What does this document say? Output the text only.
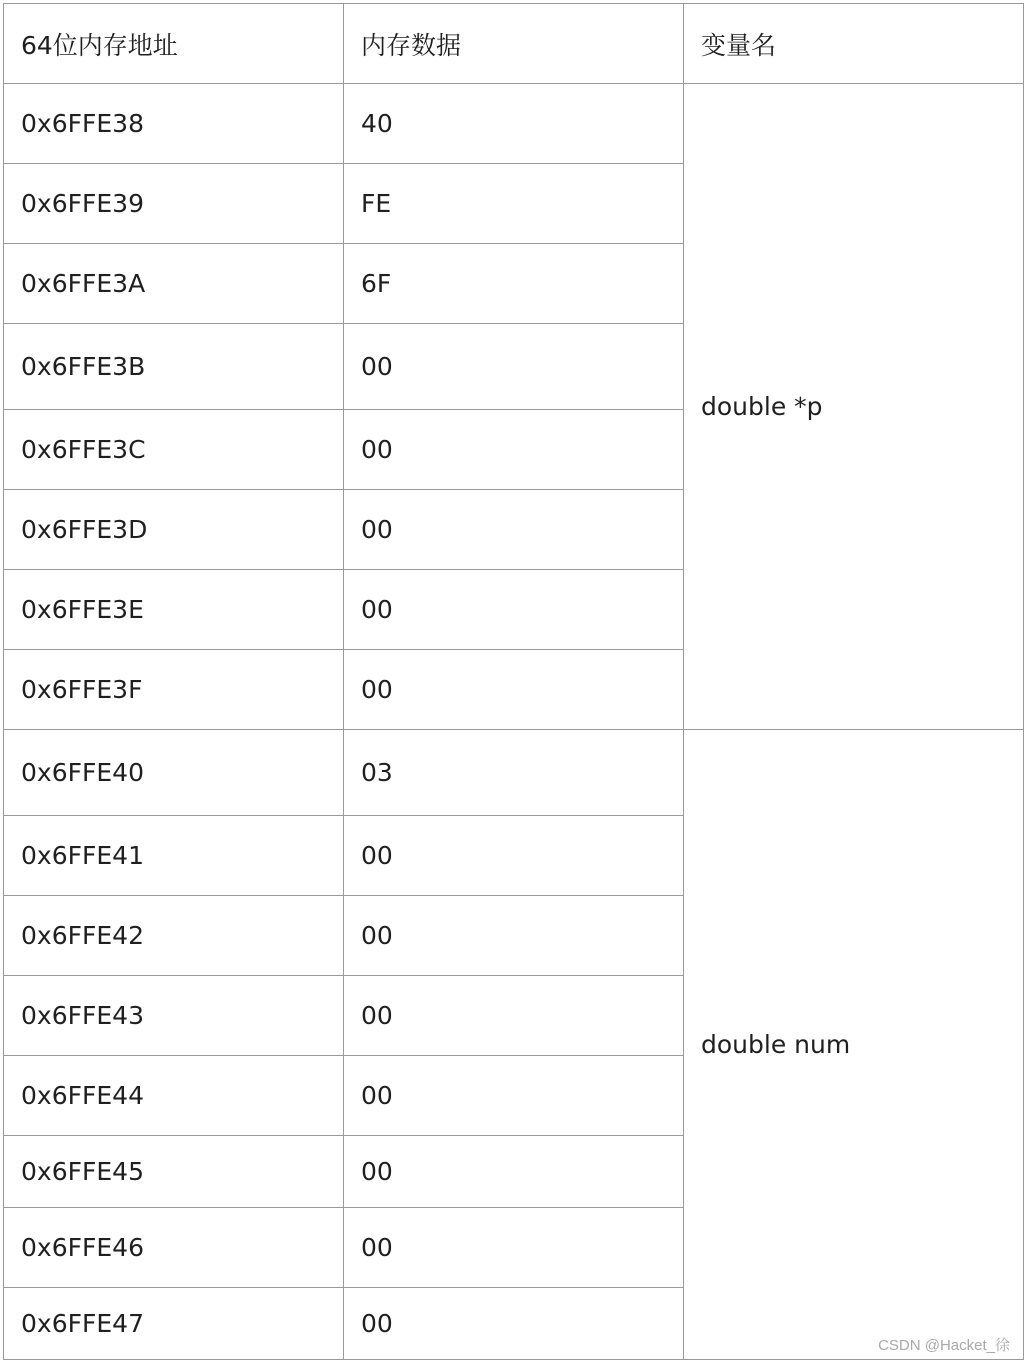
64位内存地址	内存数据	变量名
0x6FFE38	40	double *p
0x6FFE39	FE	
0x6FFE3A	6F	
0x6FFE3B	00	
0x6FFE3C	00	
0x6FFE3D	00	
0x6FFE3E	00	
0x6FFE3F	00	
0x6FFE40	03	double num
0x6FFE41	00	
0x6FFE42	00	
0x6FFE43	00	
0x6FFE44	00	
0x6FFE45	00	
0x6FFE46	00	
0x6FFE47	00	
CSDN @Hacket_徐
